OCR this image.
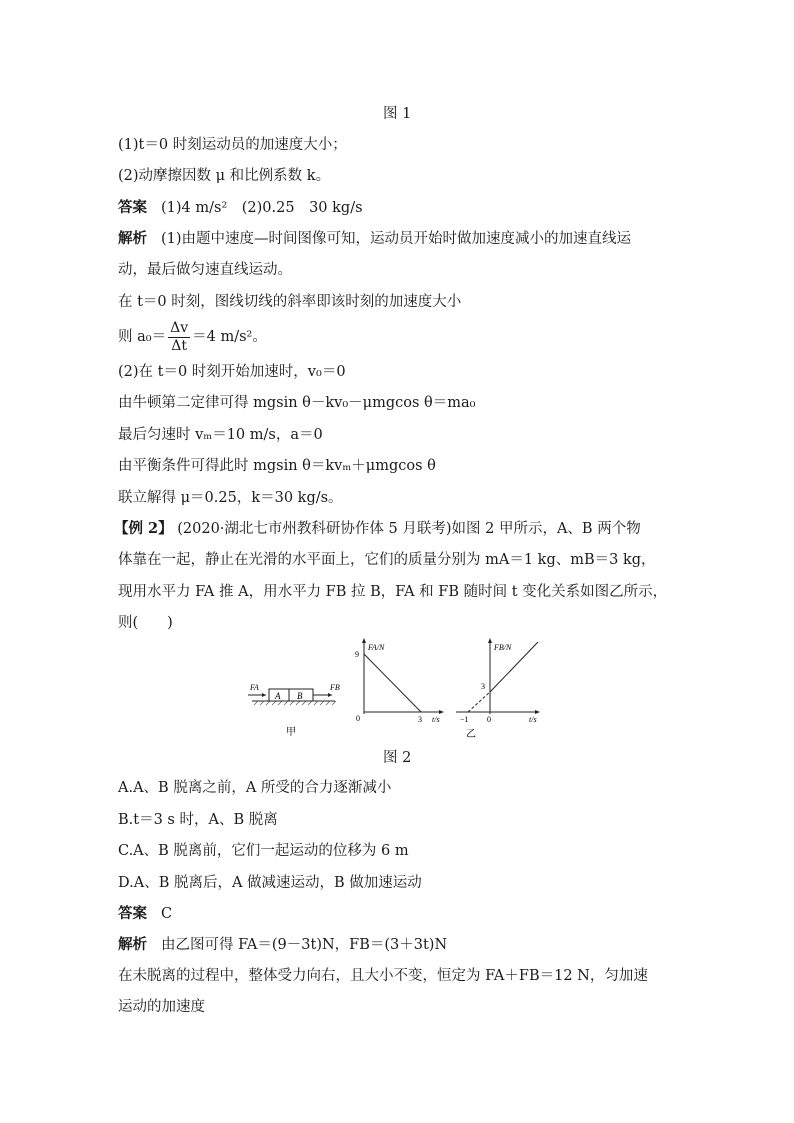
图 1
(1)t＝0 时刻运动员的加速度大小；
(2)动摩擦因数 μ 和比例系数 k。
答案 (1)4 m/s²　(2)0.25　30 kg/s
解析 (1)由题中速度—时间图像可知，运动员开始时做加速度减小的加速直线运
动，最后做匀速直线运动。
在 t＝0 时刻，图线切线的斜率即该时刻的加速度大小
则 $a_0= \frac{\Delta v}{\Delta t} =4$ m/s²。
(2)在 t＝0 时刻开始加速时，v₀＝0
由牛顿第二定律可得 mgsin θ－kv₀－μmgcos θ＝ma₀
最后匀速时 vₘ＝10 m/s，a＝0
由平衡条件可得此时 mgsin θ＝kvₘ＋μmgcos θ
联立解得 μ＝0.25，k＝30 kg/s。
【例 2】 (2020·湖北七市州教科研协作体 5 月联考)如图 2 甲所示，A、B 两个物
体靠在一起，静止在光滑的水平面上，它们的质量分别为 mA＝1 kg、mB＝3 kg，
现用水平力 FA 推 A，用水平力 FB 拉 B，FA 和 FB 随时间 t 变化关系如图乙所示，
则(　　)
A B
FA	FB
甲
FA/N
9
0	3 t/s
FB/N
3
−1 0	t/s
乙
图 2
A.A、B 脱离之前，A 所受的合力逐渐减小
B.t＝3 s 时，A、B 脱离
C.A、B 脱离前，它们一起运动的位移为 6 m
D.A、B 脱离后，A 做减速运动，B 做加速运动
答案 C
解析 由乙图可得 FA＝(9－3t)N，FB＝(3＋3t)N
在未脱离的过程中，整体受力向右，且大小不变，恒定为 FA＋FB＝12 N，匀加速
运动的加速度
